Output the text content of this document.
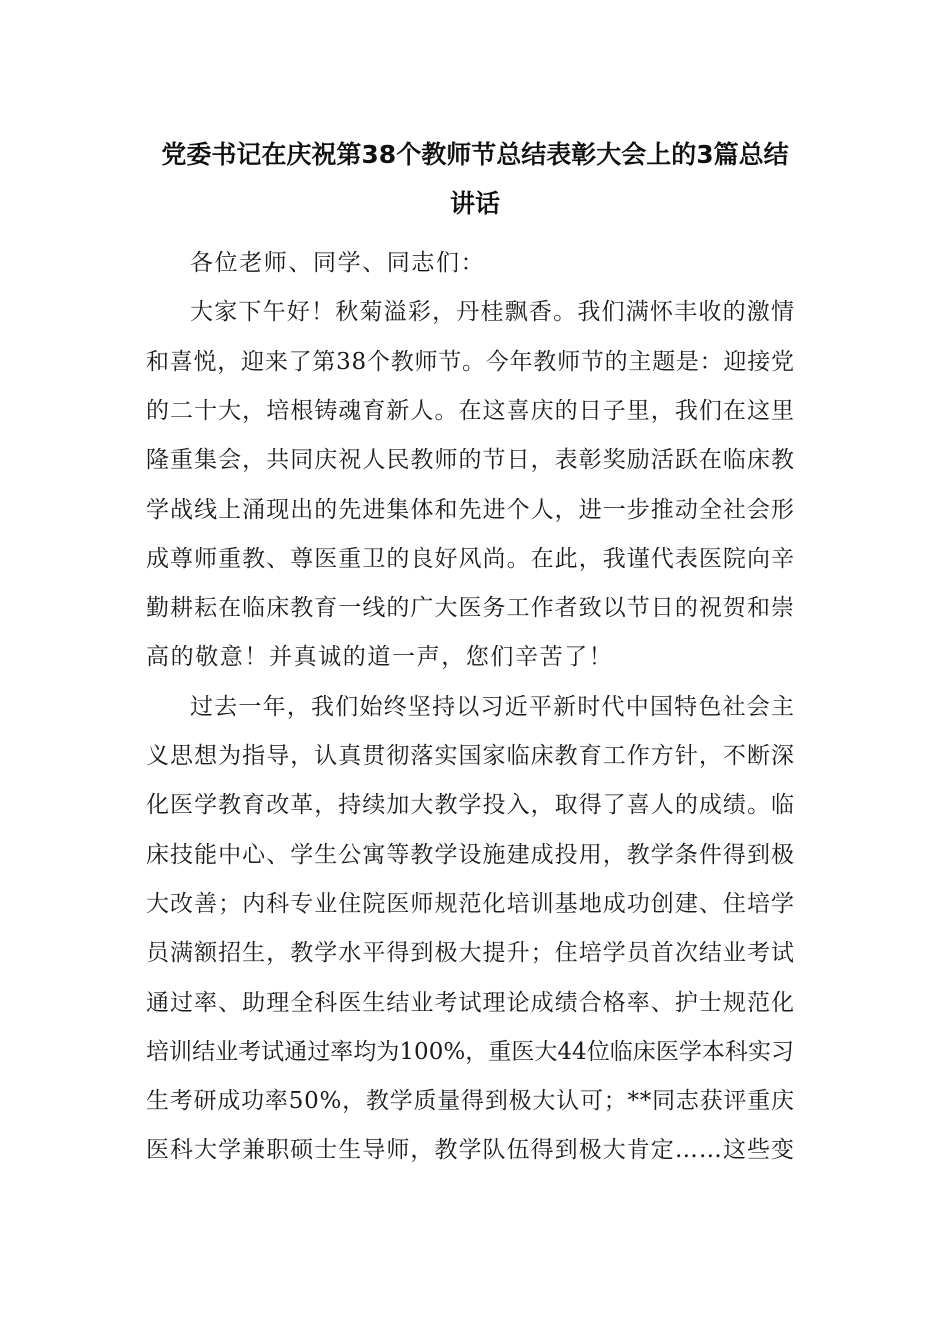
党委书记在庆祝第38个教师节总结表彰大会上的3篇总结
讲话
各位老师、同学、同志们：
大家下午好！秋菊溢彩，丹桂飘香。我们满怀丰收的激情
和喜悦，迎来了第38个教师节。今年教师节的主题是：迎接党
的二十大，培根铸魂育新人。在这喜庆的日子里，我们在这里
隆重集会，共同庆祝人民教师的节日，表彰奖励活跃在临床教
学战线上涌现出的先进集体和先进个人，进一步推动全社会形
成尊师重教、尊医重卫的良好风尚。在此，我谨代表医院向辛
勤耕耘在临床教育一线的广大医务工作者致以节日的祝贺和崇
高的敬意！并真诚的道一声，您们辛苦了！
过去一年，我们始终坚持以习近平新时代中国特色社会主
义思想为指导，认真贯彻落实国家临床教育工作方针，不断深
化医学教育改革，持续加大教学投入，取得了喜人的成绩。临
床技能中心、学生公寓等教学设施建成投用，教学条件得到极
大改善；内科专业住院医师规范化培训基地成功创建、住培学
员满额招生，教学水平得到极大提升；住培学员首次结业考试
通过率、助理全科医生结业考试理论成绩合格率、护士规范化
培训结业考试通过率均为100%，重医大44位临床医学本科实习
生考研成功率50%，教学质量得到极大认可；**同志获评重庆
医科大学兼职硕士生导师，教学队伍得到极大肯定……这些变
